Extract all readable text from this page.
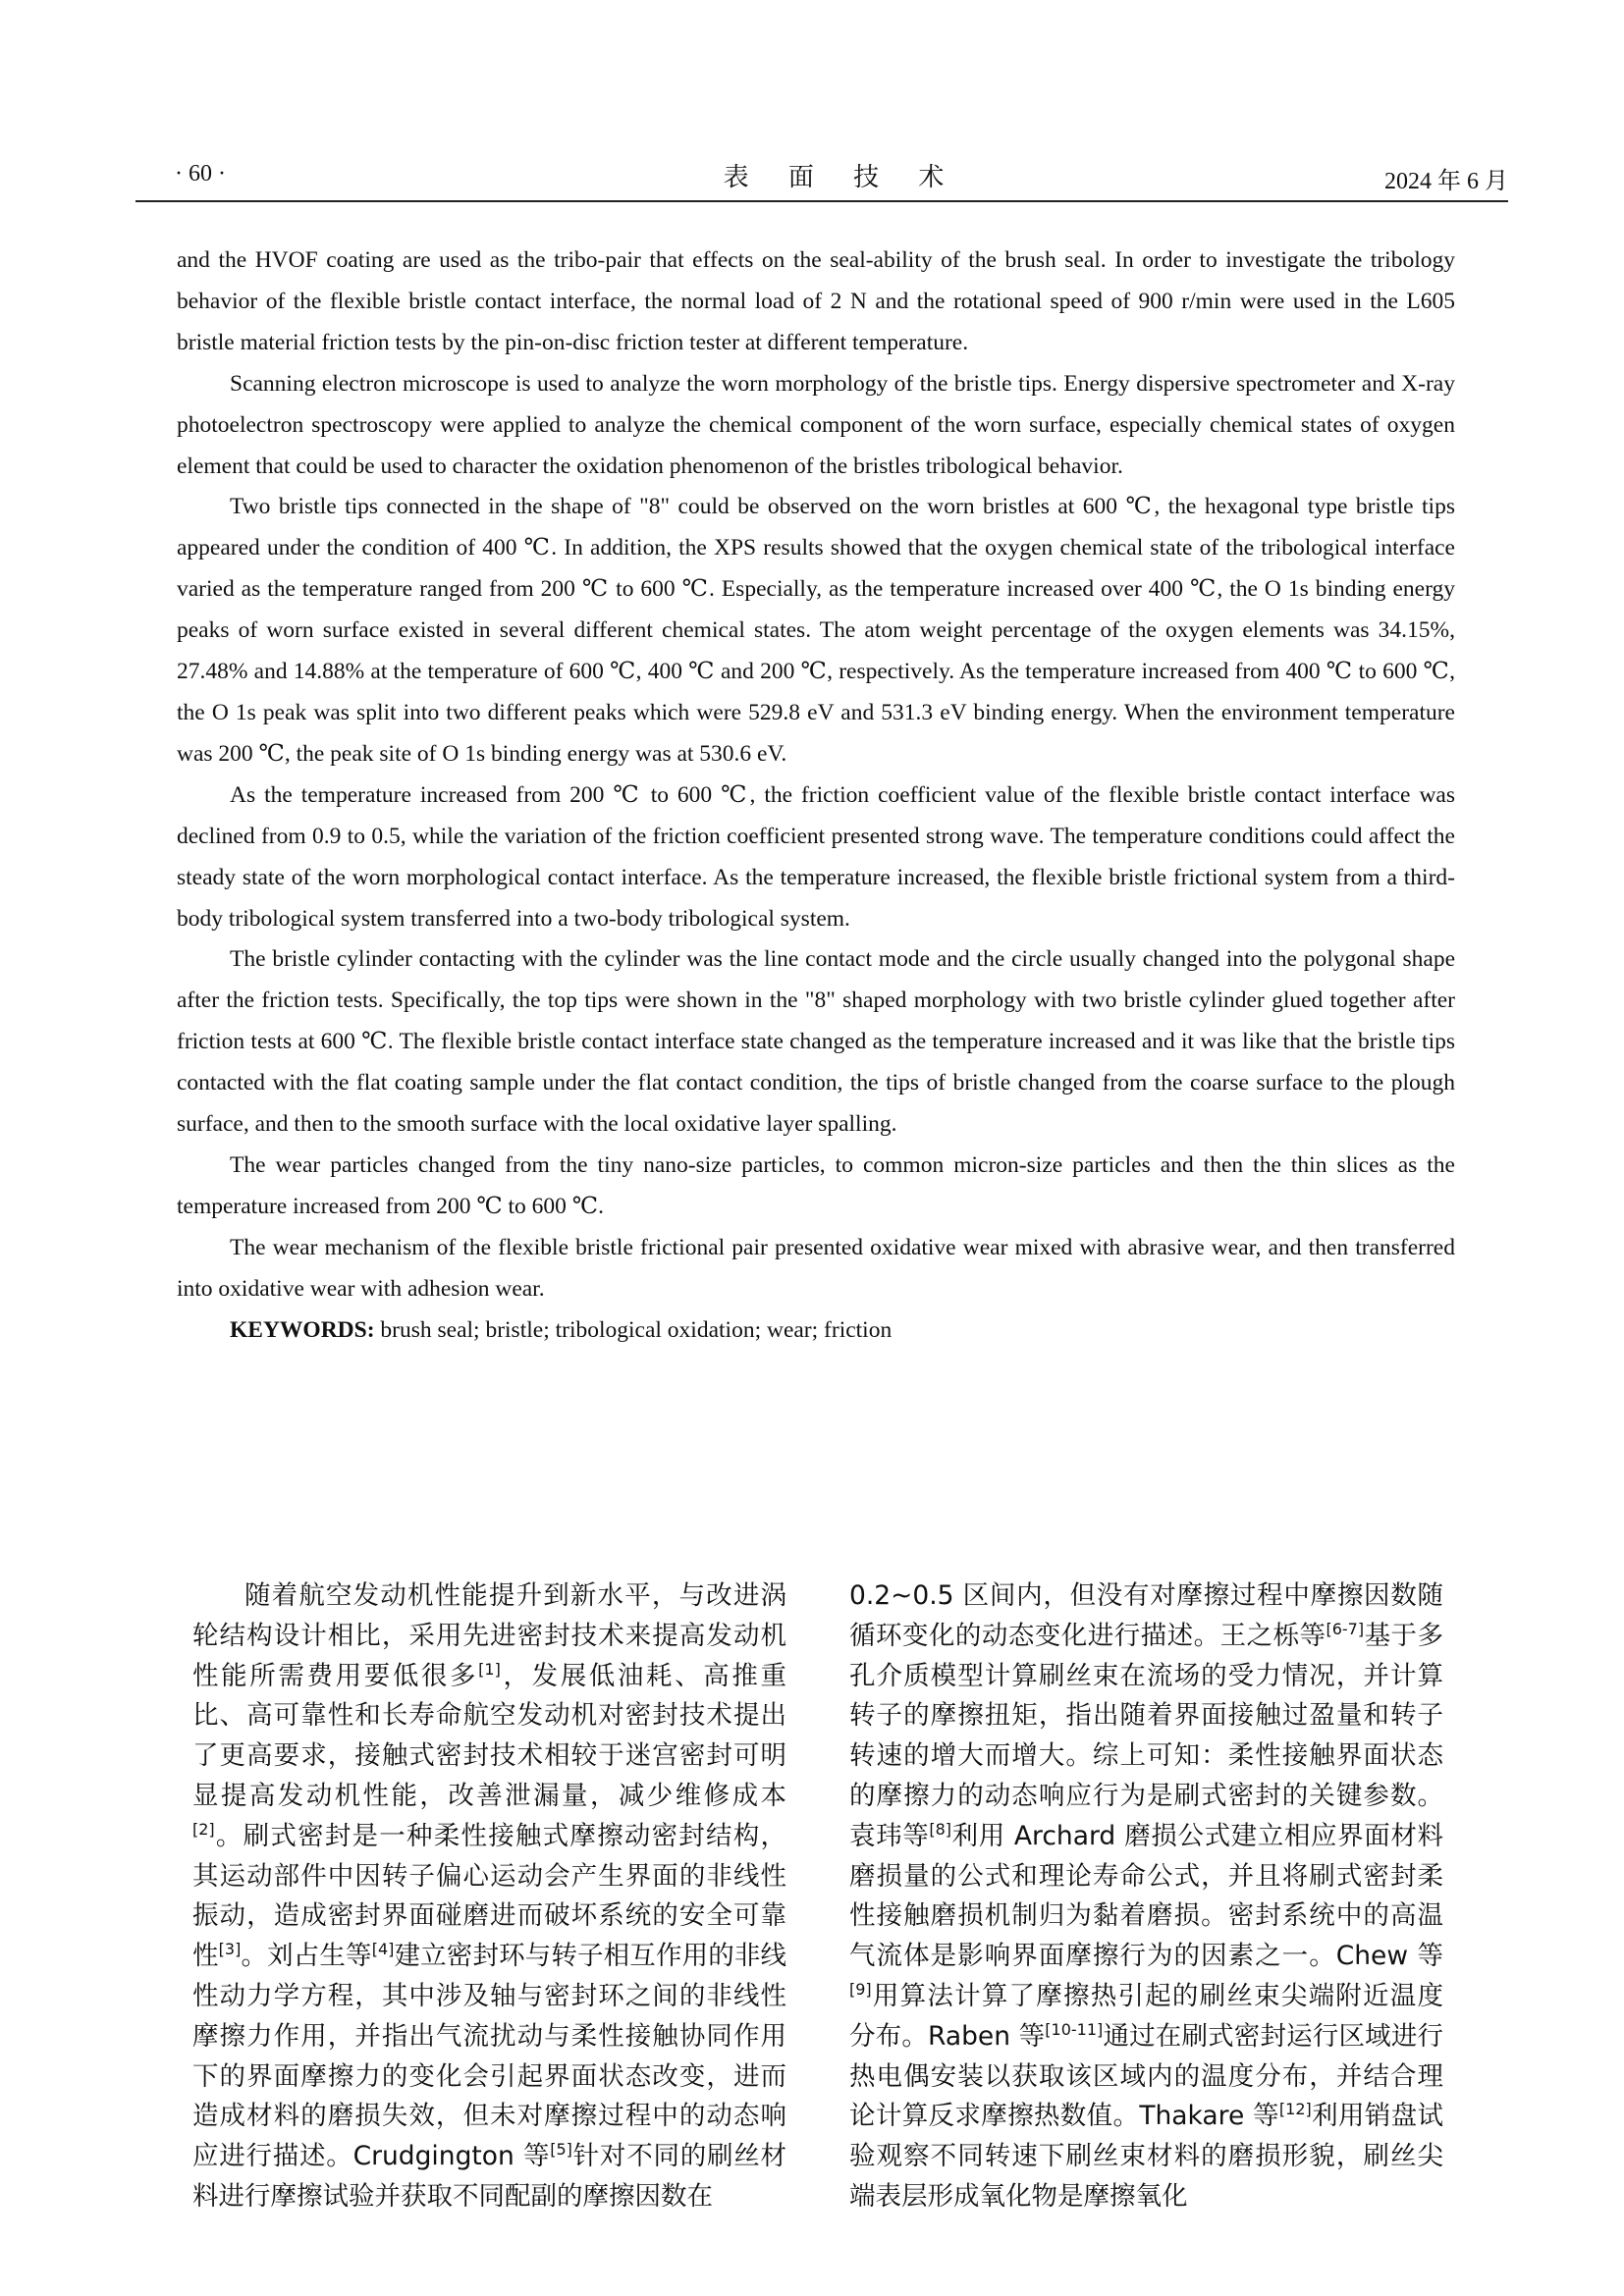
· 60 ·	表 面 技 术	2024 年 6 月

and the HVOF coating are used as the tribo-pair that effects on the seal-ability of the brush seal. In order to investigate the tribology behavior of the flexible bristle contact interface, the normal load of 2 N and the rotational speed of 900 r/min were used in the L605 bristle material friction tests by the pin-on-disc friction tester at different temperature.

Scanning electron microscope is used to analyze the worn morphology of the bristle tips. Energy dispersive spectrometer and X-ray photoelectron spectroscopy were applied to analyze the chemical component of the worn surface, especially chemical states of oxygen element that could be used to character the oxidation phenomenon of the bristles tribological behavior.

Two bristle tips connected in the shape of "8" could be observed on the worn bristles at 600 ℃, the hexagonal type bristle tips appeared under the condition of 400 ℃. In addition, the XPS results showed that the oxygen chemical state of the tribological interface varied as the temperature ranged from 200 ℃ to 600 ℃. Especially, as the temperature increased over 400 ℃, the O 1s binding energy peaks of worn surface existed in several different chemical states. The atom weight percentage of the oxygen elements was 34.15%, 27.48% and 14.88% at the temperature of 600 ℃, 400 ℃ and 200 ℃, respectively. As the temperature increased from 400 ℃ to 600 ℃, the O 1s peak was split into two different peaks which were 529.8 eV and 531.3 eV binding energy. When the environment temperature was 200 ℃, the peak site of O 1s binding energy was at 530.6 eV.

As the temperature increased from 200 ℃ to 600 ℃, the friction coefficient value of the flexible bristle contact interface was declined from 0.9 to 0.5, while the variation of the friction coefficient presented strong wave. The temperature conditions could affect the steady state of the worn morphological contact interface. As the temperature increased, the flexible bristle frictional system from a third-body tribological system transferred into a two-body tribological system.

The bristle cylinder contacting with the cylinder was the line contact mode and the circle usually changed into the polygonal shape after the friction tests. Specifically, the top tips were shown in the "8" shaped morphology with two bristle cylinder glued together after friction tests at 600 ℃. The flexible bristle contact interface state changed as the temperature increased and it was like that the bristle tips contacted with the flat coating sample under the flat contact condition, the tips of bristle changed from the coarse surface to the plough surface, and then to the smooth surface with the local oxidative layer spalling.

The wear particles changed from the tiny nano-size particles, to common micron-size particles and then the thin slices as the temperature increased from 200 ℃ to 600 ℃.

The wear mechanism of the flexible bristle frictional pair presented oxidative wear mixed with abrasive wear, and then transferred into oxidative wear with adhesion wear.

KEYWORDS: brush seal; bristle; tribological oxidation; wear; friction

随着航空发动机性能提升到新水平，与改进涡轮结构设计相比，采用先进密封技术来提高发动机性能所需费用要低很多[1]，发展低油耗、高推重比、高可靠性和长寿命航空发动机对密封技术提出了更高要求，接触式密封技术相较于迷宫密封可明显提高发动机性能，改善泄漏量，减少维修成本[2]。刷式密封是一种柔性接触式摩擦动密封结构，其运动部件中因转子偏心运动会产生界面的非线性振动，造成密封界面碰磨进而破坏系统的安全可靠性[3]。刘占生等[4]建立密封环与转子相互作用的非线性动力学方程，其中涉及轴与密封环之间的非线性摩擦力作用，并指出气流扰动与柔性接触协同作用下的界面摩擦力的变化会引起界面状态改变，进而造成材料的磨损失效，但未对摩擦过程中的动态响应进行描述。Crudgington 等[5]针对不同的刷丝材料进行摩擦试验并获取不同配副的摩擦因数在

0.2~0.5 区间内，但没有对摩擦过程中摩擦因数随循环变化的动态变化进行描述。王之栎等[6-7]基于多孔介质模型计算刷丝束在流场的受力情况，并计算转子的摩擦扭矩，指出随着界面接触过盈量和转子转速的增大而增大。综上可知：柔性接触界面状态的摩擦力的动态响应行为是刷式密封的关键参数。袁玮等[8]利用 Archard 磨损公式建立相应界面材料磨损量的公式和理论寿命公式，并且将刷式密封柔性接触磨损机制归为黏着磨损。密封系统中的高温气流体是影响界面摩擦行为的因素之一。Chew 等[9]用算法计算了摩擦热引起的刷丝束尖端附近温度分布。Raben 等[10-11]通过在刷式密封运行区域进行热电偶安装以获取该区域内的温度分布，并结合理论计算反求摩擦热数值。Thakare 等[12]利用销盘试验观察不同转速下刷丝束材料的磨损形貌，刷丝尖端表层形成氧化物是摩擦氧化
